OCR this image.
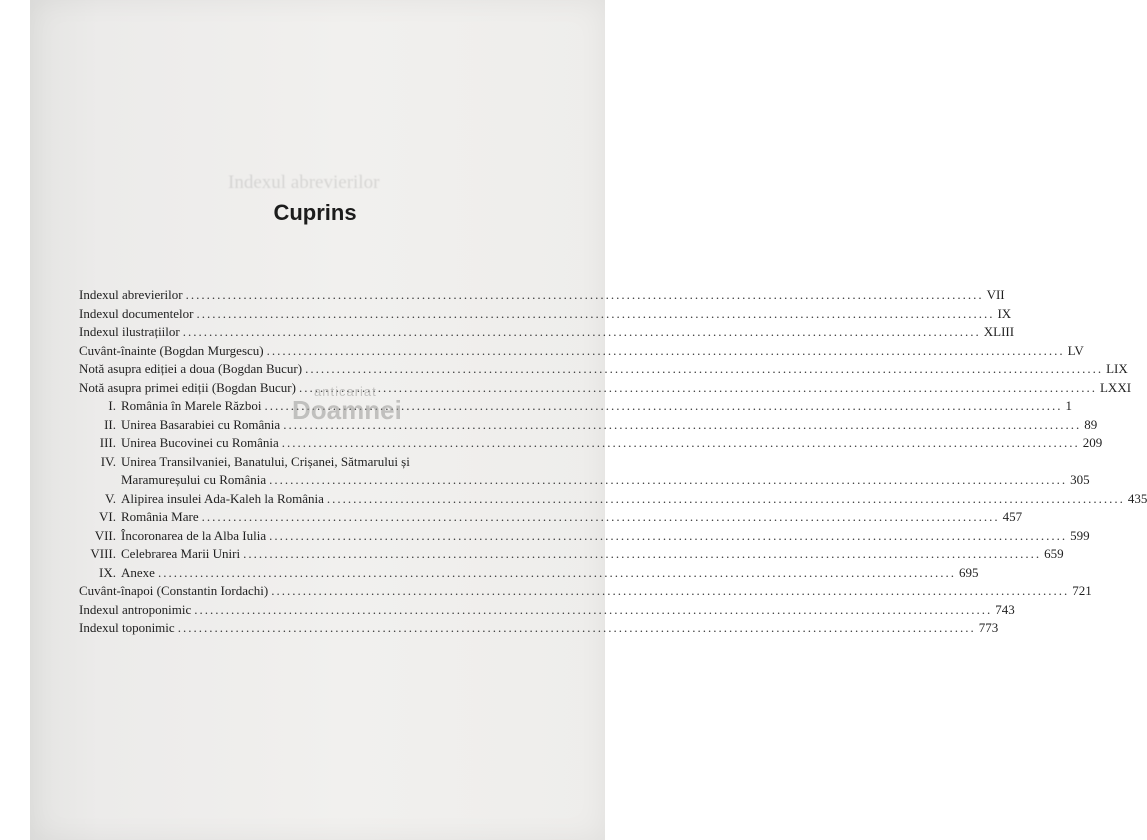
Indexul abrevierilor
Cuprins
Indexul abrevierilor .....	VII
Indexul documentelor .....	IX
Indexul ilustrațiilor .....	XLIII
Cuvânt-înainte (Bogdan Murgescu) .....	LV
Notă asupra ediției a doua (Bogdan Bucur) .....	LIX
Notă asupra primei ediții (Bogdan Bucur) .....	LXXI
I. România în Marele Război .....	1
II. Unirea Basarabiei cu România .....	89
III. Unirea Bucovinei cu România .....	209
IV. Unirea Transilvaniei, Banatului, Crișanei, Sătmarului și
Maramureșului cu România .....	305
V. Alipirea insulei Ada-Kaleh la România .....	435
VI. România Mare .....	457
VII. Încoronarea de la Alba Iulia .....	599
VIII. Celebrarea Marii Uniri .....	659
IX. Anexe .....	695
Cuvânt-înapoi (Constantin Iordachi) .....	721
Indexul antroponimic .....	743
Indexul toponimic .....	773
anticariat
Doamnei
